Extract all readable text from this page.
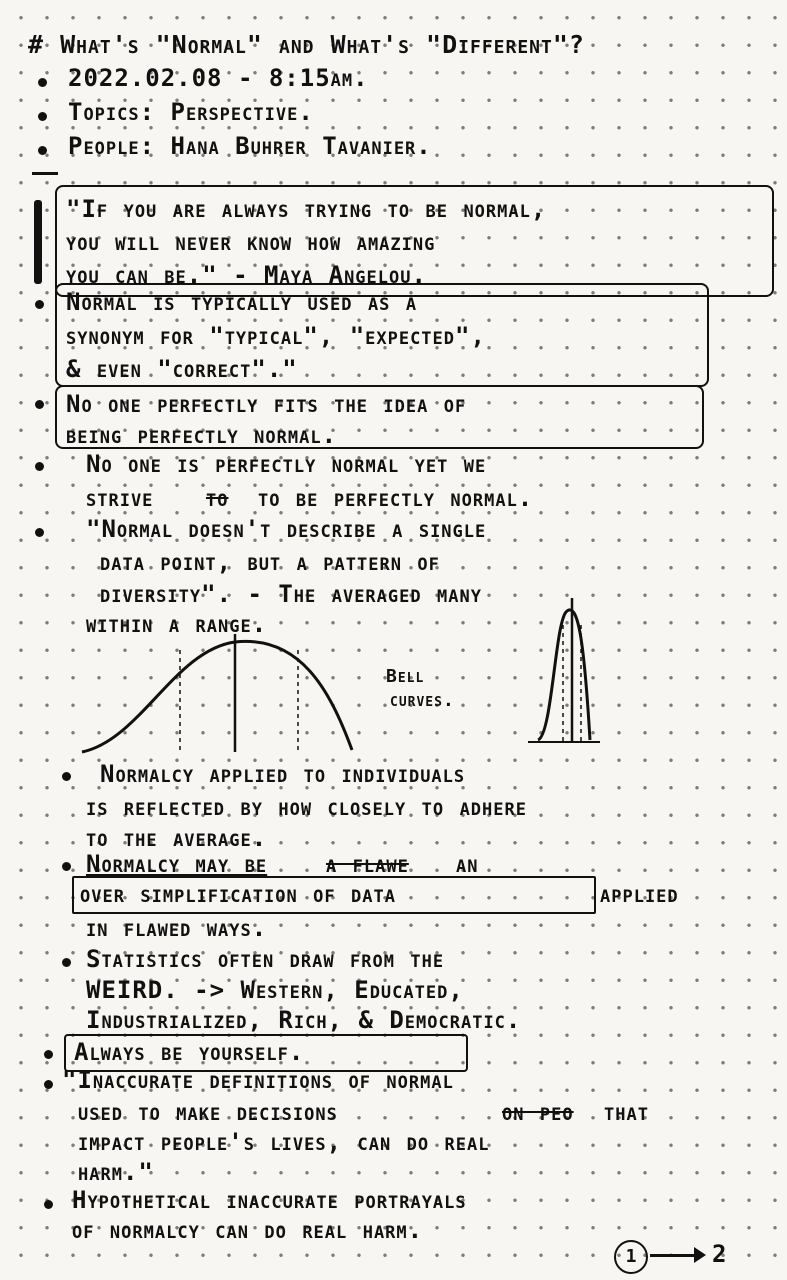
# What's "Normal" and What's "Different"?
2022.02.08 - 8:15am.
Topics: Perspective.
People: Hana Buhrer Tavanier.
"If you are always trying to be normal,
you will never know how amazing
you can be." - Maya Angelou.
Normal is typically used as a
synonym for "typical", "expected",
& even "correct"."
No one perfectly fits the idea of
being perfectly normal.
No one is perfectly normal yet we
strive to to be perfectly normal.
"Normal doesn't describe a single
data point, but a pattern of
diversity". - The averaged many
within a range.
Bell
curves.
Normalcy applied to individuals
is reflected by how closely to adhere
to the average.
Normalcy may be a flawe an
over simplification of data	applied
in flawed ways.
Statistics often draw from the
WEIRD. -> Western, Educated,
Industrialized, Rich, & Democratic.
Always be yourself.
"Inaccurate definitions of normal
used to make decisions	on peo that
impact people's lives, can do real
harm."
Hypothetical inaccurate portrayals
of normalcy can do real harm.
1	2
